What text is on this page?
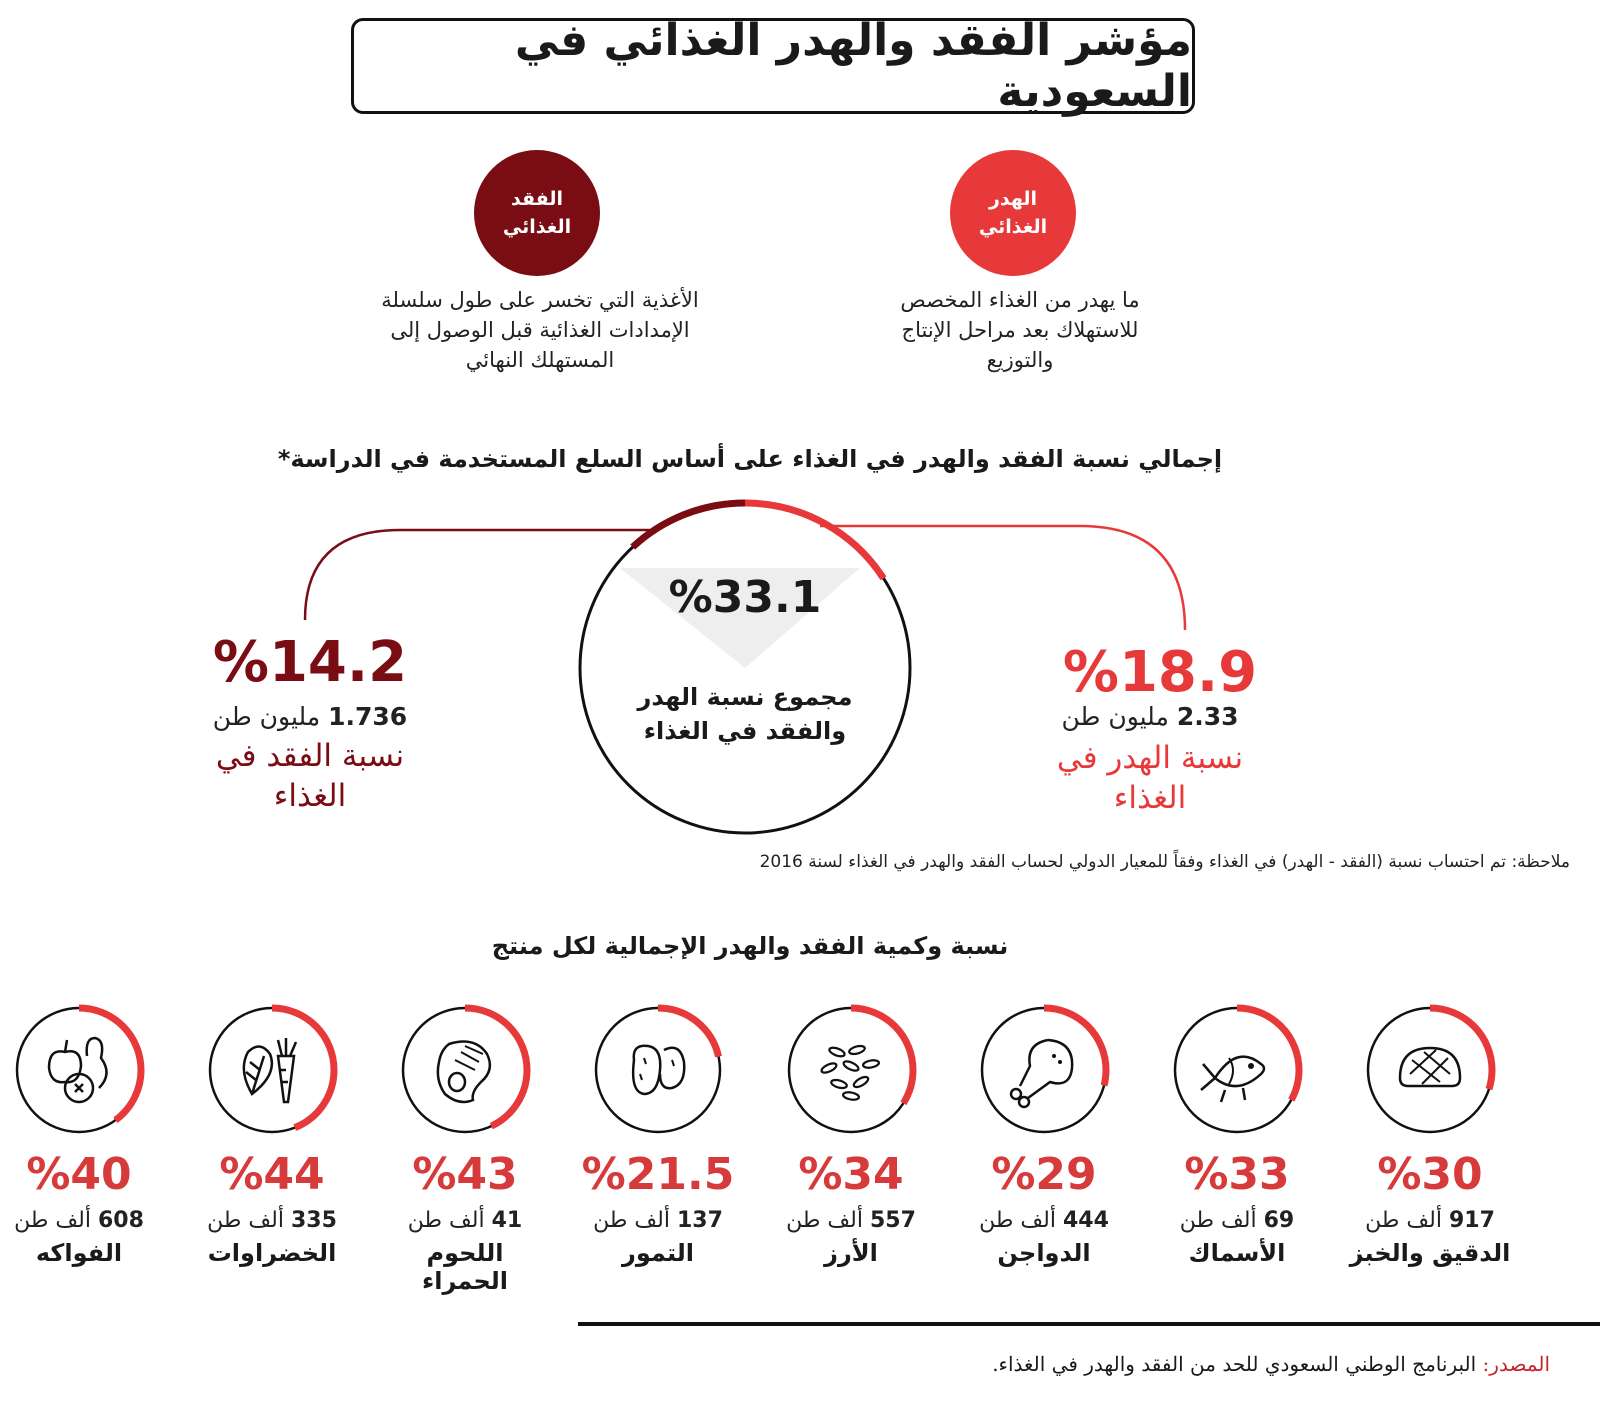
مؤشر الفقد والهدر الغذائي في السعودية
الفقد
الغذائي
الأغذية التي تخسر على طول سلسلة
الإمدادات الغذائية قبل الوصول إلى
المستهلك النهائي
الهدر
الغذائي
ما يهدر من الغذاء المخصص
للاستهلاك بعد مراحل الإنتاج
والتوزيع
إجمالي نسبة الفقد والهدر في الغذاء على أساس السلع المستخدمة في الدراسة*
%33.1
مجموع نسبة الهدر
والفقد في الغذاء
%14.2
1.736 مليون طن
نسبة الفقد في
الغذاء
%18.9
2.33 مليون طن
نسبة الهدر في
الغذاء
ملاحظة: تم احتساب نسبة (الفقد - الهدر) في الغذاء وفقاً للمعيار الدولي لحساب الفقد والهدر في الغذاء لسنة 2016
نسبة وكمية الفقد والهدر الإجمالية لكل منتج
%30
917 ألف طن
الدقيق والخبز
%33
69 ألف طن
الأسماك
%29
444 ألف طن
الدواجن
%34
557 ألف طن
الأرز
%21.5
137 ألف طن
التمور
%43
41 ألف طن
اللحوم الحمراء
%44
335 ألف طن
الخضراوات
%40
608 ألف طن
الفواكه
المصدر: البرنامج الوطني السعودي للحد من الفقد والهدر في الغذاء.
